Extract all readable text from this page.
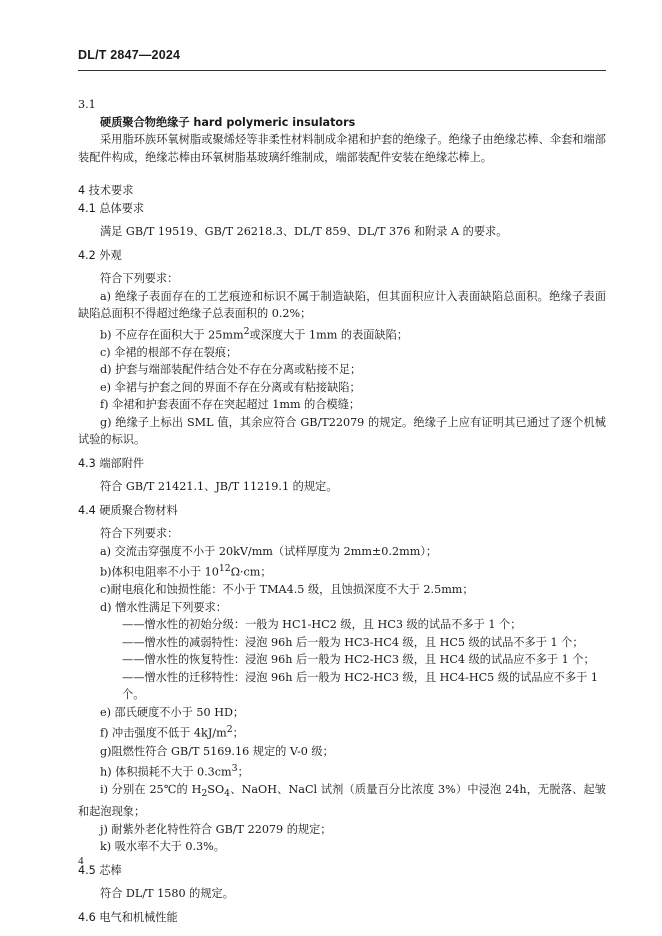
DL/T 2847—2024

3.1

硬质聚合物绝缘子 hard polymeric insulators

采用脂环族环氧树脂或聚烯烃等非柔性材料制成伞裙和护套的绝缘子。绝缘子由绝缘芯棒、伞套和端部装配件构成，绝缘芯棒由环氧树脂基玻璃纤维制成，端部装配件安装在绝缘芯棒上。

4 技术要求

4.1 总体要求

满足 GB/T 19519、GB/T 26218.3、DL/T 859、DL/T 376 和附录 A 的要求。

4.2 外观

符合下列要求：

a) 绝缘子表面存在的工艺痕迹和标识不属于制造缺陷，但其面积应计入表面缺陷总面积。绝缘子表面缺陷总面积不得超过绝缘子总表面积的 0.2%；

b) 不应存在面积大于 $25mm^2$或深度大于 1mm 的表面缺陷；

c) 伞裙的根部不存在裂痕；

d) 护套与端部装配件结合处不存在分离或粘接不足；

e) 伞裙与护套之间的界面不存在分离或有粘接缺陷；

f) 伞裙和护套表面不存在突起超过 1mm 的合模缝；

g) 绝缘子上标出 SML 值，其余应符合 GB/T22079 的规定。绝缘子上应有证明其已通过了逐个机械试验的标识。

4.3 端部附件

符合 GB/T 21421.1、JB/T 11219.1 的规定。

4.4 硬质聚合物材料

符合下列要求：

a) 交流击穿强度不小于 20kV/mm（试样厚度为 2mm±0.2mm）；

b)体积电阻率不小于 $10^{12}\Omega\cdot cm$；

c)耐电痕化和蚀损性能：不小于 TMA4.5 级，且蚀损深度不大于 2.5mm；

d) 憎水性满足下列要求：

——憎水性的初始分级：一般为 HC1-HC2 级，且 HC3 级的试品不多于 1 个；

——憎水性的减弱特性：浸泡 96h 后一般为 HC3-HC4 级，且 HC5 级的试品不多于 1 个；

——憎水性的恢复特性：浸泡 96h 后一般为 HC2-HC3 级，且 HC4 级的试品应不多于 1 个；

——憎水性的迁移特性：浸泡 96h 后一般为 HC2-HC3 级，且 HC4-HC5 级的试品应不多于 1 个。

e) 邵氏硬度不小于 50 HD；

f) 冲击强度不低于 $4kJ/m^2$；

g)阻燃性符合 GB/T 5169.16 规定的 V-0 级；

h) 体积损耗不大于 $0.3cm^3$；

i) 分别在 25℃的 $H_2SO_4$、NaOH、NaCl 试剂（质量百分比浓度 3%）中浸泡 24h，无脱落、起皱和起泡现象；

j) 耐紫外老化特性符合 GB/T 22079 的规定；

k) 吸水率不大于 0.3%。

4.5 芯棒

符合 DL/T 1580 的规定。

4.6 电气和机械性能

4
